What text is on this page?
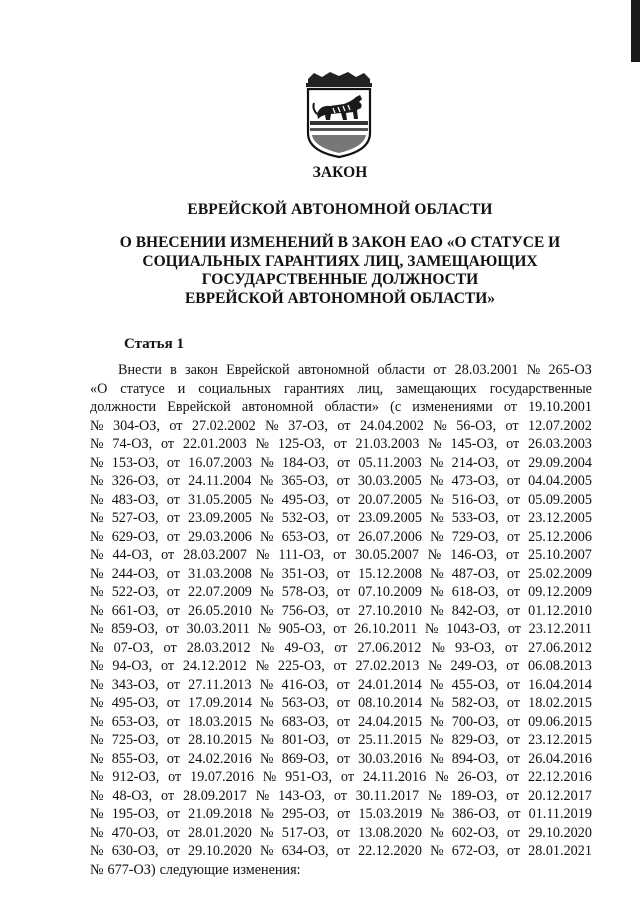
ЗАКОН
ЕВРЕЙСКОЙ АВТОНОМНОЙ ОБЛАСТИ
О ВНЕСЕНИИ ИЗМЕНЕНИЙ В ЗАКОН ЕАО «О СТАТУСЕ И
СОЦИАЛЬНЫХ ГАРАНТИЯХ ЛИЦ, ЗАМЕЩАЮЩИХ
ГОСУДАРСТВЕННЫЕ ДОЛЖНОСТИ
ЕВРЕЙСКОЙ АВТОНОМНОЙ ОБЛАСТИ»
Статья 1
Внести в закон Еврейской автономной области от 28.03.2001 № 265-ОЗ
«О статусе и социальных гарантиях лиц, замещающих государственные
должности Еврейской автономной области» (с изменениями от 19.10.2001
№ 304-ОЗ, от 27.02.2002 № 37-ОЗ, от 24.04.2002 № 56-ОЗ, от 12.07.2002
№ 74-ОЗ, от 22.01.2003 № 125-ОЗ, от 21.03.2003 № 145-ОЗ, от 26.03.2003
№ 153-ОЗ, от 16.07.2003 № 184-ОЗ, от 05.11.2003 № 214-ОЗ, от 29.09.2004
№ 326-ОЗ, от 24.11.2004 № 365-ОЗ, от 30.03.2005 № 473-ОЗ, от 04.04.2005
№ 483-ОЗ, от 31.05.2005 № 495-ОЗ, от 20.07.2005 № 516-ОЗ, от 05.09.2005
№ 527-ОЗ, от 23.09.2005 № 532-ОЗ, от 23.09.2005 № 533-ОЗ, от 23.12.2005
№ 629-ОЗ, от 29.03.2006 № 653-ОЗ, от 26.07.2006 № 729-ОЗ, от 25.12.2006
№ 44-ОЗ, от 28.03.2007 № 111-ОЗ, от 30.05.2007 № 146-ОЗ, от 25.10.2007
№ 244-ОЗ, от 31.03.2008 № 351-ОЗ, от 15.12.2008 № 487-ОЗ, от 25.02.2009
№ 522-ОЗ, от 22.07.2009 № 578-ОЗ, от 07.10.2009 № 618-ОЗ, от 09.12.2009
№ 661-ОЗ, от 26.05.2010 № 756-ОЗ, от 27.10.2010 № 842-ОЗ, от 01.12.2010
№ 859-ОЗ, от 30.03.2011 № 905-ОЗ, от 26.10.2011 № 1043-ОЗ, от 23.12.2011
№ 07-ОЗ, от 28.03.2012 № 49-ОЗ, от 27.06.2012 № 93-ОЗ, от 27.06.2012
№ 94-ОЗ, от 24.12.2012 № 225-ОЗ, от 27.02.2013 № 249-ОЗ, от 06.08.2013
№ 343-ОЗ, от 27.11.2013 № 416-ОЗ, от 24.01.2014 № 455-ОЗ, от 16.04.2014
№ 495-ОЗ, от 17.09.2014 № 563-ОЗ, от 08.10.2014 № 582-ОЗ, от 18.02.2015
№ 653-ОЗ, от 18.03.2015 № 683-ОЗ, от 24.04.2015 № 700-ОЗ, от 09.06.2015
№ 725-ОЗ, от 28.10.2015 № 801-ОЗ, от 25.11.2015 № 829-ОЗ, от 23.12.2015
№ 855-ОЗ, от 24.02.2016 № 869-ОЗ, от 30.03.2016 № 894-ОЗ, от 26.04.2016
№ 912-ОЗ, от 19.07.2016 № 951-ОЗ, от 24.11.2016 № 26-ОЗ, от 22.12.2016
№ 48-ОЗ, от 28.09.2017 № 143-ОЗ, от 30.11.2017 № 189-ОЗ, от 20.12.2017
№ 195-ОЗ, от 21.09.2018 № 295-ОЗ, от 15.03.2019 № 386-ОЗ, от 01.11.2019
№ 470-ОЗ, от 28.01.2020 № 517-ОЗ, от 13.08.2020 № 602-ОЗ, от 29.10.2020
№ 630-ОЗ, от 29.10.2020 № 634-ОЗ, от 22.12.2020 № 672-ОЗ, от 28.01.2021
№ 677-ОЗ) следующие изменения:
